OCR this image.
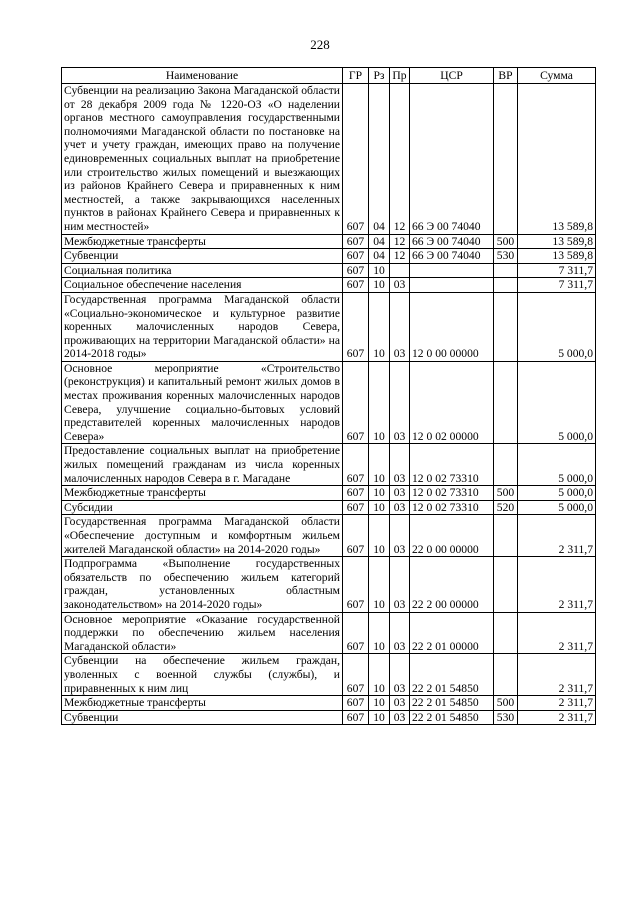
228
Наименование	ГР	Рз	Пр	ЦСР	ВР	Сумма
Субвенции на реализацию Закона Магаданской области от 28 декабря 2009 года № 1220-ОЗ «О наделении органов местного самоуправления государственными полномочиями Магаданской области по постановке на учет и учету граждан, имеющих право на получение единовременных социальных выплат на приобретение или строительство жилых помещений и выезжающих из районов Крайнего Севера и приравненных к ним местностей, а также закрывающихся населенных пунктов в районах Крайнего Севера и приравненных к ним местностей»	607	04	12	66 Э 00 74040		13 589,8
Межбюджетные трансферты	607	04	12	66 Э 00 74040	500	13 589,8
Субвенции	607	04	12	66 Э 00 74040	530	13 589,8
Социальная политика	607	10				7 311,7
Социальное обеспечение населения	607	10	03			7 311,7
Государственная программа Магаданской области «Социально-экономическое и культурное развитие коренных малочисленных народов Севера, проживающих на территории Магаданской области» на 2014-2018 годы»	607	10	03	12 0 00 00000		5 000,0
Основное мероприятие «Строительство (реконструкция) и капитальный ремонт жилых домов в местах проживания коренных малочисленных народов Севера, улучшение социально-бытовых условий представителей коренных малочисленных народов Севера»	607	10	03	12 0 02 00000		5 000,0
Предоставление социальных выплат на приобретение жилых помещений гражданам из числа коренных малочисленных народов Севера в г. Магадане	607	10	03	12 0 02 73310		5 000,0
Межбюджетные трансферты	607	10	03	12 0 02 73310	500	5 000,0
Субсидии	607	10	03	12 0 02 73310	520	5 000,0
Государственная программа Магаданской области «Обеспечение доступным и комфортным жильем жителей Магаданской области» на 2014-2020 годы»	607	10	03	22 0 00 00000		2 311,7
Подпрограмма «Выполнение государственных обязательств по обеспечению жильем категорий граждан, установленных областным законодательством» на 2014-2020 годы»	607	10	03	22 2 00 00000		2 311,7
Основное мероприятие «Оказание государственной поддержки по обеспечению жильем населения Магаданской области»	607	10	03	22 2 01 00000		2 311,7
Субвенции на обеспечение жильем граждан, уволенных с военной службы (службы), и приравненных к ним лиц	607	10	03	22 2 01 54850		2 311,7
Межбюджетные трансферты	607	10	03	22 2 01 54850	500	2 311,7
Субвенции	607	10	03	22 2 01 54850	530	2 311,7
